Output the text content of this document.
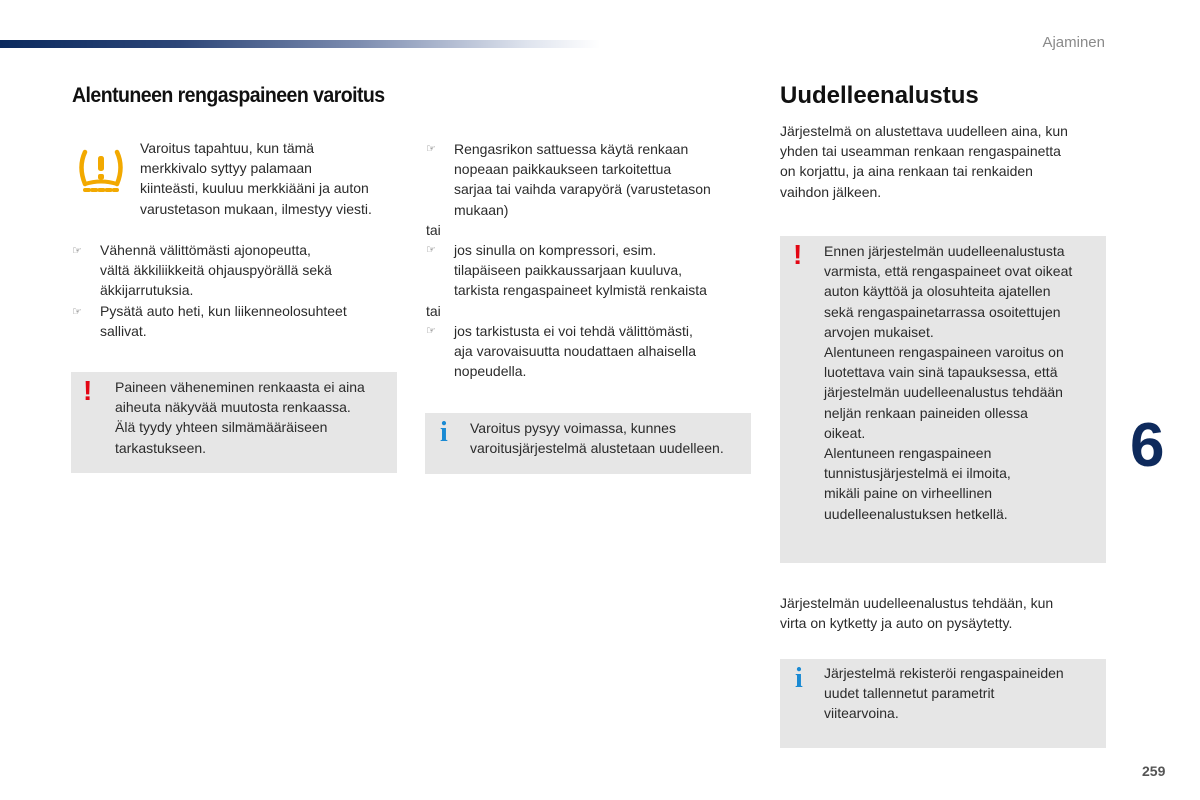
Ajaminen
6
259
Alentuneen rengaspaineen varoitus
Varoitus tapahtuu, kun tämä
merkkivalo syttyy palamaan
kiinteästi, kuuluu merkkiääni ja auton
varustetason mukaan, ilmestyy viesti.
☞ Vähennä välittömästi ajonopeutta,
vältä äkkiliikkeitä ohjauspyörällä sekä
äkkijarrutuksia.
☞ Pysätä auto heti, kun liikenneolosuhteet
sallivat.
! Paineen väheneminen renkaasta ei aina
aiheuta näkyvää muutosta renkaassa.
Älä tyydy yhteen silmämääräiseen
tarkastukseen.
☞ Rengasrikon sattuessa käytä renkaan
nopeaan paikkaukseen tarkoitettua
sarjaa tai vaihda varapyörä (varustetason
mukaan)
tai
☞ jos sinulla on kompressori, esim.
tilapäiseen paikkaussarjaan kuuluva,
tarkista rengaspaineet kylmistä renkaista
tai
☞ jos tarkistusta ei voi tehdä välittömästi,
aja varovaisuutta noudattaen alhaisella
nopeudella.
i Varoitus pysyy voimassa, kunnes
varoitusjärjestelmä alustetaan uudelleen.
Uudelleenalustus
Järjestelmä on alustettava uudelleen aina, kun
yhden tai useamman renkaan rengaspainetta
on korjattu, ja aina renkaan tai renkaiden
vaihdon jälkeen.
! Ennen järjestelmän uudelleenalustusta
varmista, että rengaspaineet ovat oikeat
auton käyttöä ja olosuhteita ajatellen
sekä rengaspainetarrassa osoitettujen
arvojen mukaiset.
Alentuneen rengaspaineen varoitus on
luotettava vain sinä tapauksessa, että
järjestelmän uudelleenalustus tehdään
neljän renkaan paineiden ollessa
oikeat.
Alentuneen rengaspaineen
tunnistusjärjestelmä ei ilmoita,
mikäli paine on virheellinen
uudelleenalustuksen hetkellä.
Järjestelmän uudelleenalustus tehdään, kun
virta on kytketty ja auto on pysäytetty.
i Järjestelmä rekisteröi rengaspaineiden
uudet tallennetut parametrit
viitearvoina.
